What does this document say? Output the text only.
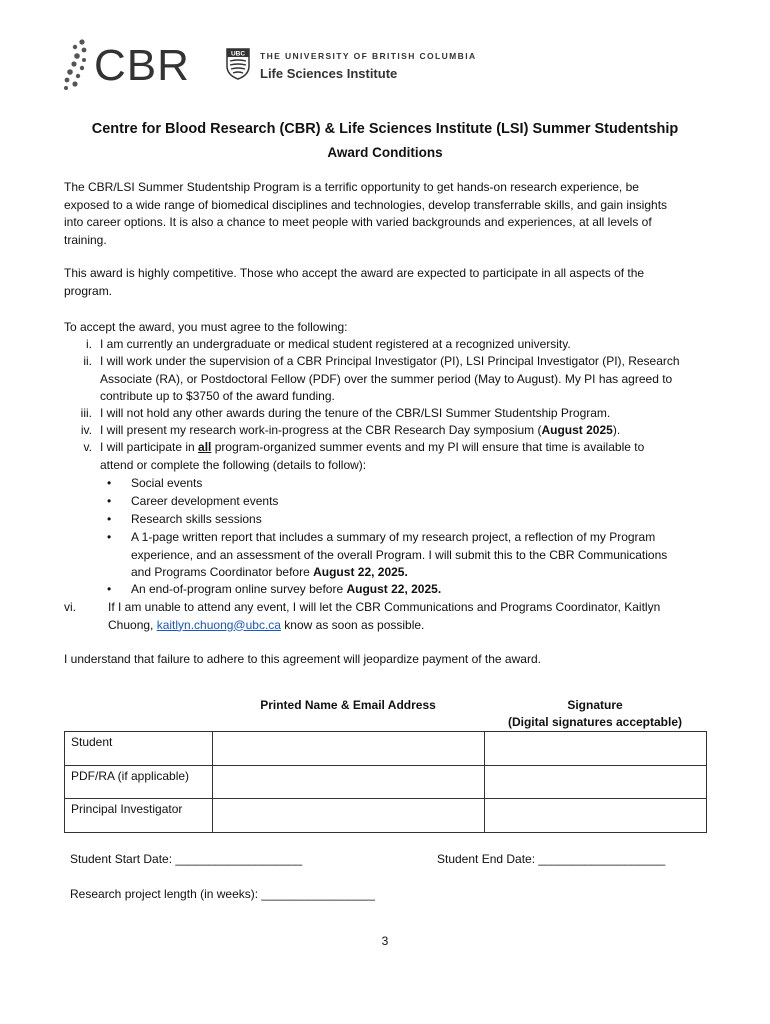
CBR	UBC THE UNIVERSITY OF BRITISH COLUMBIA
Life Sciences Institute
Centre for Blood Research (CBR) & Life Sciences Institute (LSI) Summer Studentship
Award Conditions
The CBR/LSI Summer Studentship Program is a terrific opportunity to get hands-on research experience, be
exposed to a wide range of biomedical disciplines and technologies, develop transferrable skills, and gain insights
into career options. It is also a chance to meet people with varied backgrounds and experiences, at all levels of
training.
This award is highly competitive. Those who accept the award are expected to participate in all aspects of the
program.
To accept the award, you must agree to the following:
i. I am currently an undergraduate or medical student registered at a recognized university.
ii. I will work under the supervision of a CBR Principal Investigator (PI), LSI Principal Investigator (PI), Research
Associate (RA), or Postdoctoral Fellow (PDF) over the summer period (May to August). My PI has agreed to
contribute up to $3750 of the award funding.
iii. I will not hold any other awards during the tenure of the CBR/LSI Summer Studentship Program.
iv. I will present my research work-in-progress at the CBR Research Day symposium (August 2025).
v. I will participate in all program-organized summer events and my PI will ensure that time is available to
attend or complete the following (details to follow):
• Social events
• Career development events
• Research skills sessions
• A 1-page written report that includes a summary of my research project, a reflection of my Program
experience, and an assessment of the overall Program. I will submit this to the CBR Communications
and Programs Coordinator before August 22, 2025.
• An end-of-program online survey before August 22, 2025.
vi.	If I am unable to attend any event, I will let the CBR Communications and Programs Coordinator, Kaitlyn
Chuong, kaitlyn.chuong@ubc.ca know as soon as possible.
I understand that failure to adhere to this agreement will jeopardize payment of the award.
Printed Name & Email Address	Signature
(Digital signatures acceptable)
Student		
PDF/RA (if applicable)		
Principal Investigator		
Student Start Date: ___________________	Student End Date: ___________________
Research project length (in weeks): _________________
3
